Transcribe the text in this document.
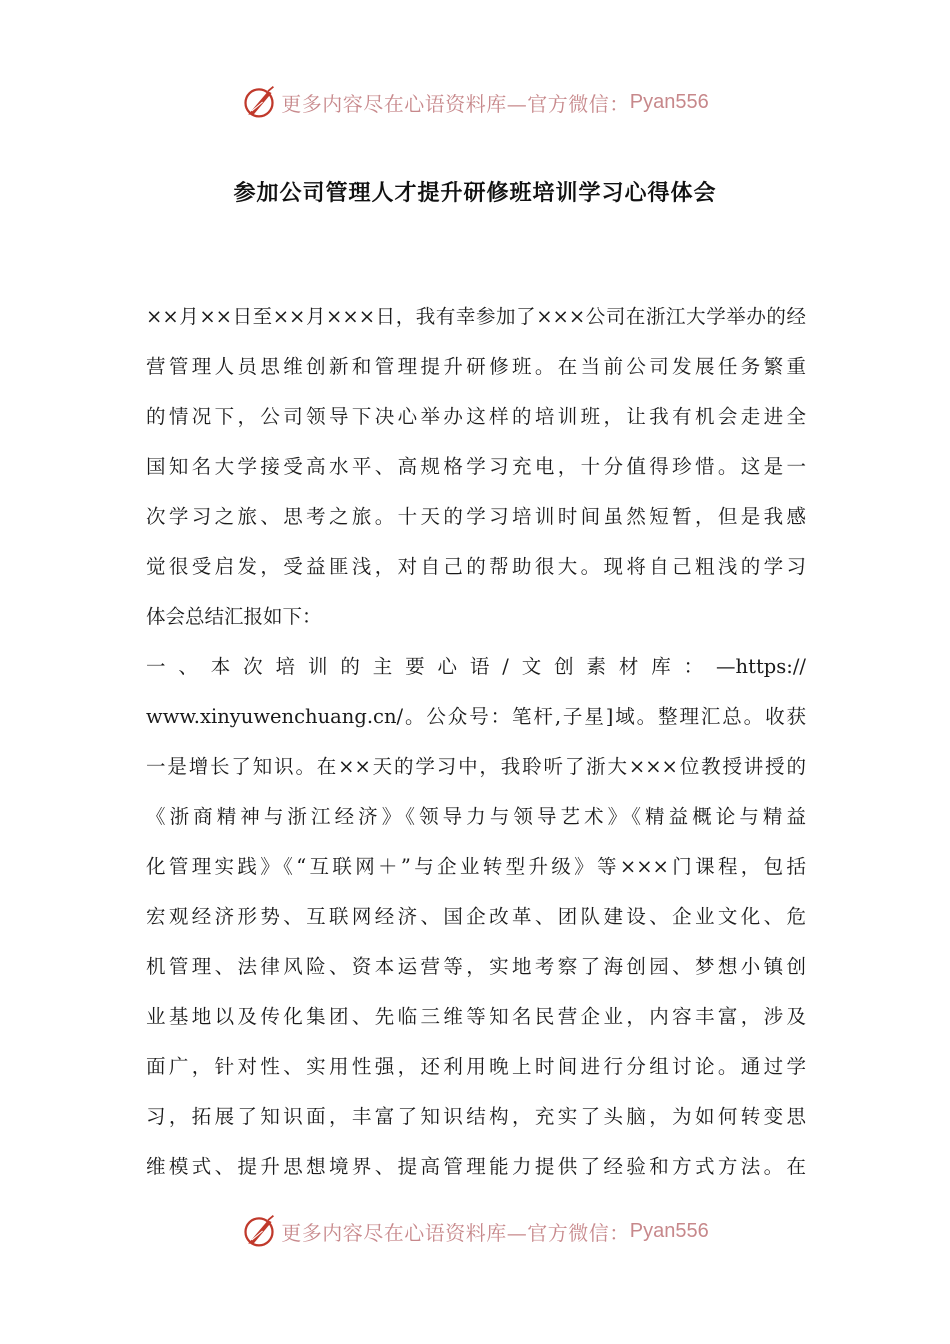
更多内容尽在心语资料库—官方微信： Pyan556
参加公司管理人才提升研修班培训学习心得体会
××月××日至××月×××日，我有幸参加了×××公司在浙江大学举办的经
营管理人员思维创新和管理提升研修班。在当前公司发展任务繁重
的情况下，公司领导下决心举办这样的培训班，让我有机会走进全
国知名大学接受高水平、高规格学习充电，十分值得珍惜。这是一
次学习之旅、思考之旅。十天的学习培训时间虽然短暂，但是我感
觉很受启发，受益匪浅，对自己的帮助很大。现将自己粗浅的学习
体会总结汇报如下：
一、本次培训的主要心语/文创素材库：—https://
www.xinyuwenchuang.cn/。公众号：笔杆,子星]域。整理汇总。收获
一是增长了知识。在××天的学习中，我聆听了浙大×××位教授讲授的
《浙商精神与浙江经济》《领导力与领导艺术》《精益概论与精益
化管理实践》《“互联网＋”与企业转型升级》等×××门课程，包括
宏观经济形势、互联网经济、国企改革、团队建设、企业文化、危
机管理、法律风险、资本运营等，实地考察了海创园、梦想小镇创
业基地以及传化集团、先临三维等知名民营企业，内容丰富，涉及
面广，针对性、实用性强，还利用晚上时间进行分组讨论。通过学
习，拓展了知识面，丰富了知识结构，充实了头脑，为如何转变思
维模式、提升思想境界、提高管理能力提供了经验和方式方法。在
更多内容尽在心语资料库—官方微信： Pyan556
